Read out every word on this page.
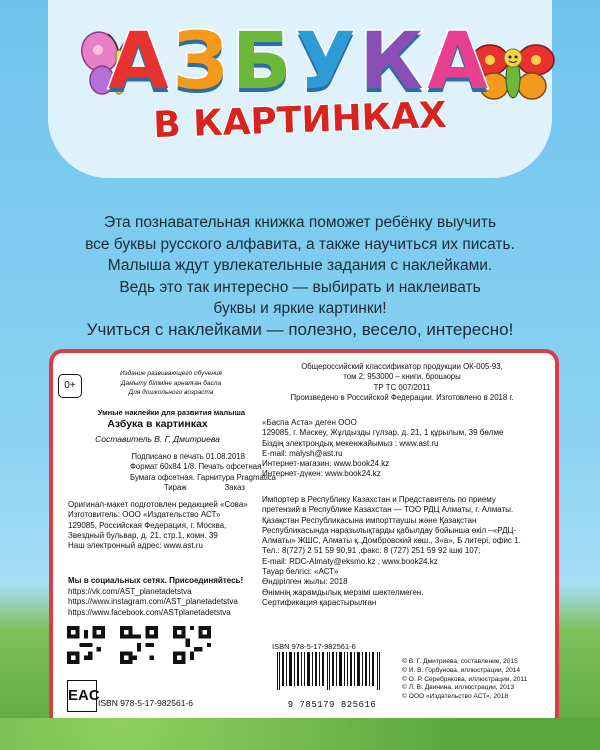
АЗБУКА
В КАРТИНКАХ
Эта познавательная книжка поможет ребёнку выучить
все буквы русского алфавита, а также научиться их писать.
Малыша ждут увлекательные задания с наклейками.
Ведь это так интересно — выбирать и наклеивать
буквы и яркие картинки!
Учиться с наклейками — полезно, весело, интересно!
0+
Издание развивающего обучения
Дамыту біліміне арналған басла
Для дошкольного возраста
Умные наклейки для развития малыша
Азбука в картинках
Составитель В. Г. Дмитриева
Подписано в печать 01.08.2018
Формат 60x84 1/8. Печать офсетная
Бумага офсетная. Гарнитура Pragmatica
Тираж	Заказ
Оригинал-макет подготовлен редакцией «Сова»
Изготовитель: ООО «Издательство АСТ»
129085, Российская Федерация, г. Москва,
Звездный бульвар, д. 21, стр.1, комн. 39
Наш электронный адрес: www.ast.ru
Мы в социальных сетях. Присоединяйтесь!
https://vk.com/AST_planetadetstva
https://www.instagram.com/AST_planetadetstva
https://www.facebook.com/ASTplanetadetstva
EAC
ISBN 978-5-17-982561-6
Общероссийский классификатор продукции ОК-005-93,
том 2; 953000 – книги, брошюры
ТР ТС 007/2011
Произведено в Российской Федерации. Изготовлено в 2018 г.
«Баспа Аста» деген ООО
129085, г. Мәскеу, Жұлдызды гүлзар, д. 21, 1 құрылым, 39 бөлме
Біздің электрондық мекенжайымыз : www.ast.ru
E-mail: malysh@ast.ru
Интернет-магазин: www.book24.kz
Интернет-дүкен: www.book24.kz
Импортер в Республику Казахстан и Представитель по приему
претензий в Республике Казахстан — ТОО РДЦ Алматы, г. Алматы.
Қазақстан Республикасына импорттаушы және Қазақстан
Республикасында наразылықтарды қабылдау бойынша өкіл –«РДЦ-
Алматы» ЖШС, Алматы қ.,Домбровский көш., 3«а», Б литері, офис 1.
Тел.: 8(727) 2 51 59 90,91 ,факс: 8 (727) 251 59 92 ішкі 107;
E-mail: RDC-Almaty@eksmo.kz , www.book24.kz
Тауар белгісі: «АСТ»
Өндірілген жылы: 2018
Өнімнің жарамдылық мерзімі шектелмеген.
Сертификация қарастырылған
ISBN 978-5-17-982561-6
9 785179 825616
© В. Г. Дмитриева, составление, 2015
© И. В. Горбунова, иллюстрации, 2014
© О. Р. Серебрякова, иллюстрации, 2011
© Л. В. Двинина, иллюстрации, 2013
© ООО «Издательство АСТ», 2018
